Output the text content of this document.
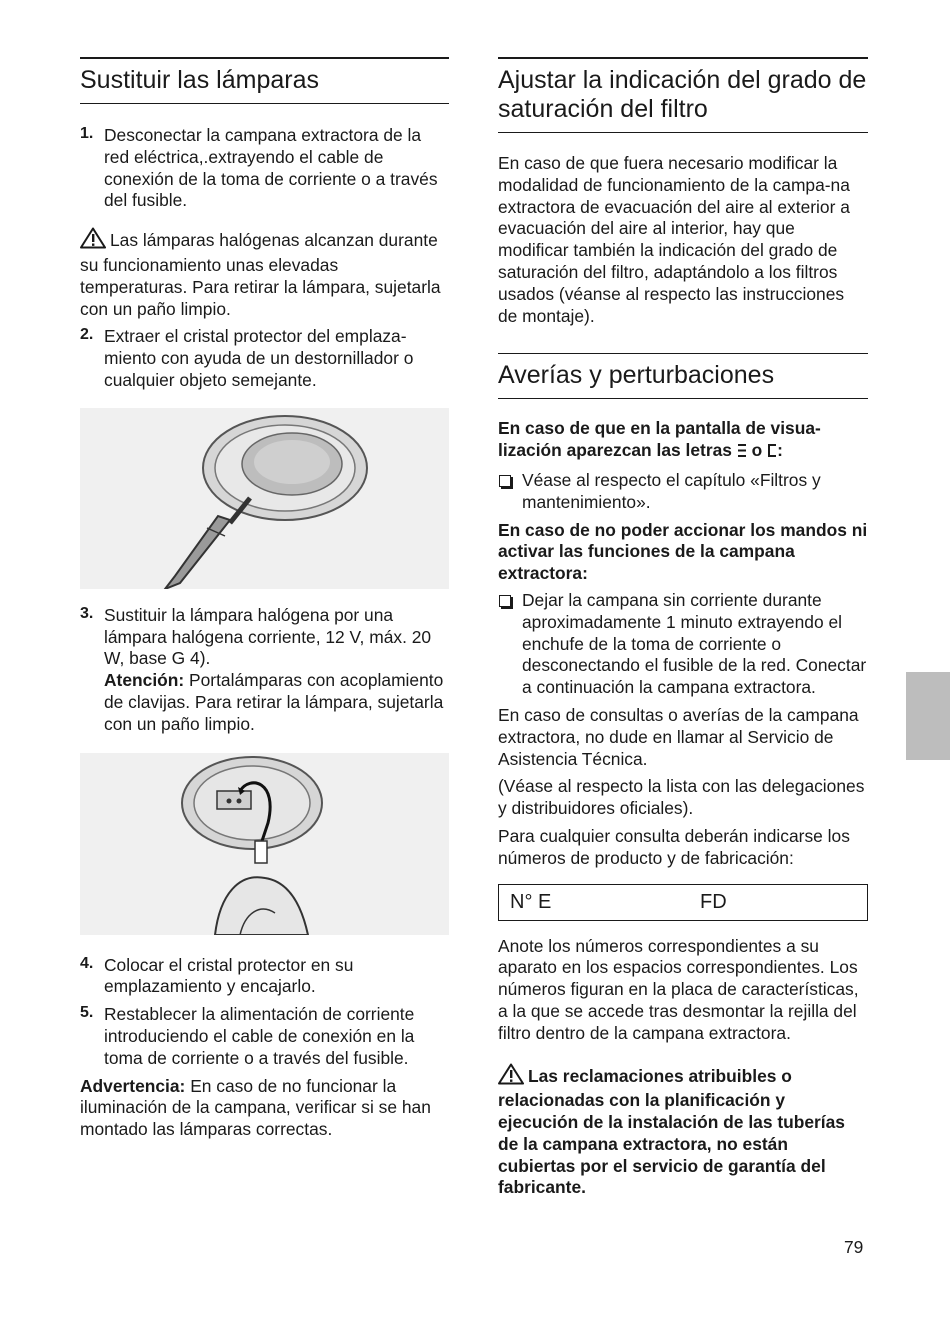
Sustituir las lámparas
1. Desconectar la campana extractora de la red eléctrica,.extrayendo el cable de conexión de la toma de corriente o a través del fusible.

Las lámparas halógenas alcanzan durante su funcionamiento unas elevadas temperaturas. Para retirar la lámpara, sujetarla con un paño limpio.

2. Extraer el cristal protector del emplaza-miento con ayuda de un destornillador o cualquier objeto semejante.

3. Sustituir la lámpara halógena por una lámpara halógena corriente, 12 V, máx. 20 W, base G 4).

Atención: Portalámparas con acoplamiento de clavijas. Para retirar la lámpara, sujetarla con un paño limpio.

4. Colocar el cristal protector en su emplazamiento y encajarlo.

5. Restablecer la alimentación de corriente introduciendo el cable de conexión en la toma de corriente o a través del fusible.

Advertencia: En caso de no funcionar la iluminación de la campana, verificar si se han montado las lámparas correctas.

Ajustar la indicación del grado de saturación del filtro

En caso de que fuera necesario modificar la modalidad de funcionamiento de la campa-na extractora de evacuación del aire al exterior a evacuación del aire al interior, hay que modificar también la indicación del grado de saturación del filtro, adaptándolo a los filtros usados (véanse al respecto las instrucciones de montaje).

Averías y perturbaciones

En caso de que en la pantalla de visua-lización aparezcan las letras o :

Véase al respecto el capítulo «Filtros y mantenimiento».

En caso de no poder accionar los mandos ni activar las funciones de la campana extractora:

Dejar la campana sin corriente durante aproximadamente 1 minuto extrayendo el enchufe de la toma de corriente o desconectando el fusible de la red. Conectar a continuación la campana extractora.

En caso de consultas o averías de la campana extractora, no dude en llamar al Servicio de Asistencia Técnica.

(Véase al respecto la lista con las delegaciones y distribuidores oficiales).

Para cualquier consulta deberán indicarse los números de producto y de fabricación:

N° E	FD

Anote los números correspondientes a su aparato en los espacios correspondientes. Los números figuran en la placa de características, a la que se accede tras desmontar la rejilla del filtro dentro de la campana extractora.

Las reclamaciones atribuibles o relacionadas con la planificación y ejecución de la instalación de las tuberías de la campana extractora, no están cubiertas por el servicio de garantía del fabricante.

79
